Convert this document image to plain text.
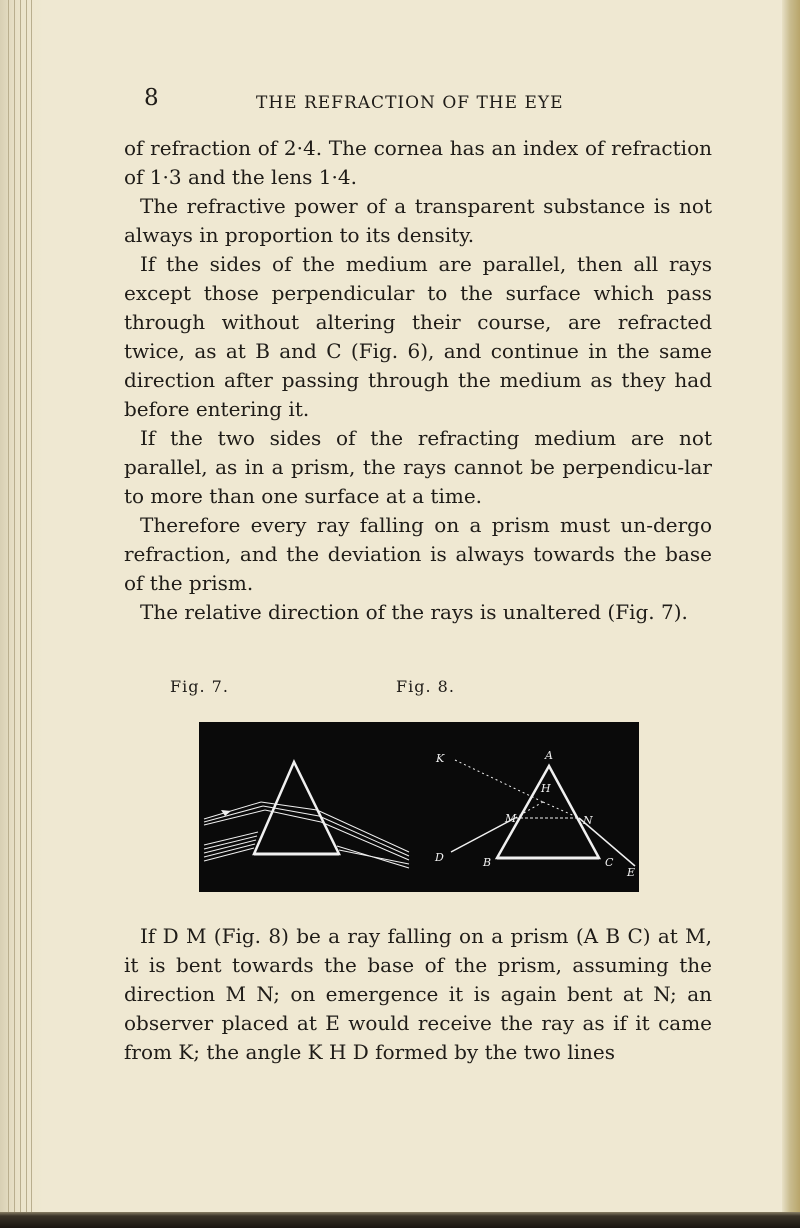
8	THE REFRACTION OF THE EYE

of refraction of 2·4. The cornea has an index of refraction of 1·3 and the lens 1·4.

The refractive power of a transparent substance is not always in proportion to its density.

If the sides of the medium are parallel, then all rays except those perpendicular to the surface which pass through without altering their course, are refracted twice, as at B and C (Fig. 6), and continue in the same direction after passing through the medium as they had before entering it.

If the two sides of the refracting medium are not parallel, as in a prism, the rays cannot be perpendicu-lar to more than one surface at a time.

Therefore every ray falling on a prism must un-dergo refraction, and the deviation is always towards the base of the prism.

The relative direction of the rays is unaltered (Fig. 7).

Fig. 7.	Fig. 8.
K	A
H
M	N
D	B	C
E

If D M (Fig. 8) be a ray falling on a prism (A B C) at M, it is bent towards the base of the prism, assuming the direction M N; on emergence it is again bent at N; an observer placed at E would receive the ray as if it came from K; the angle K H D formed by the two lines
